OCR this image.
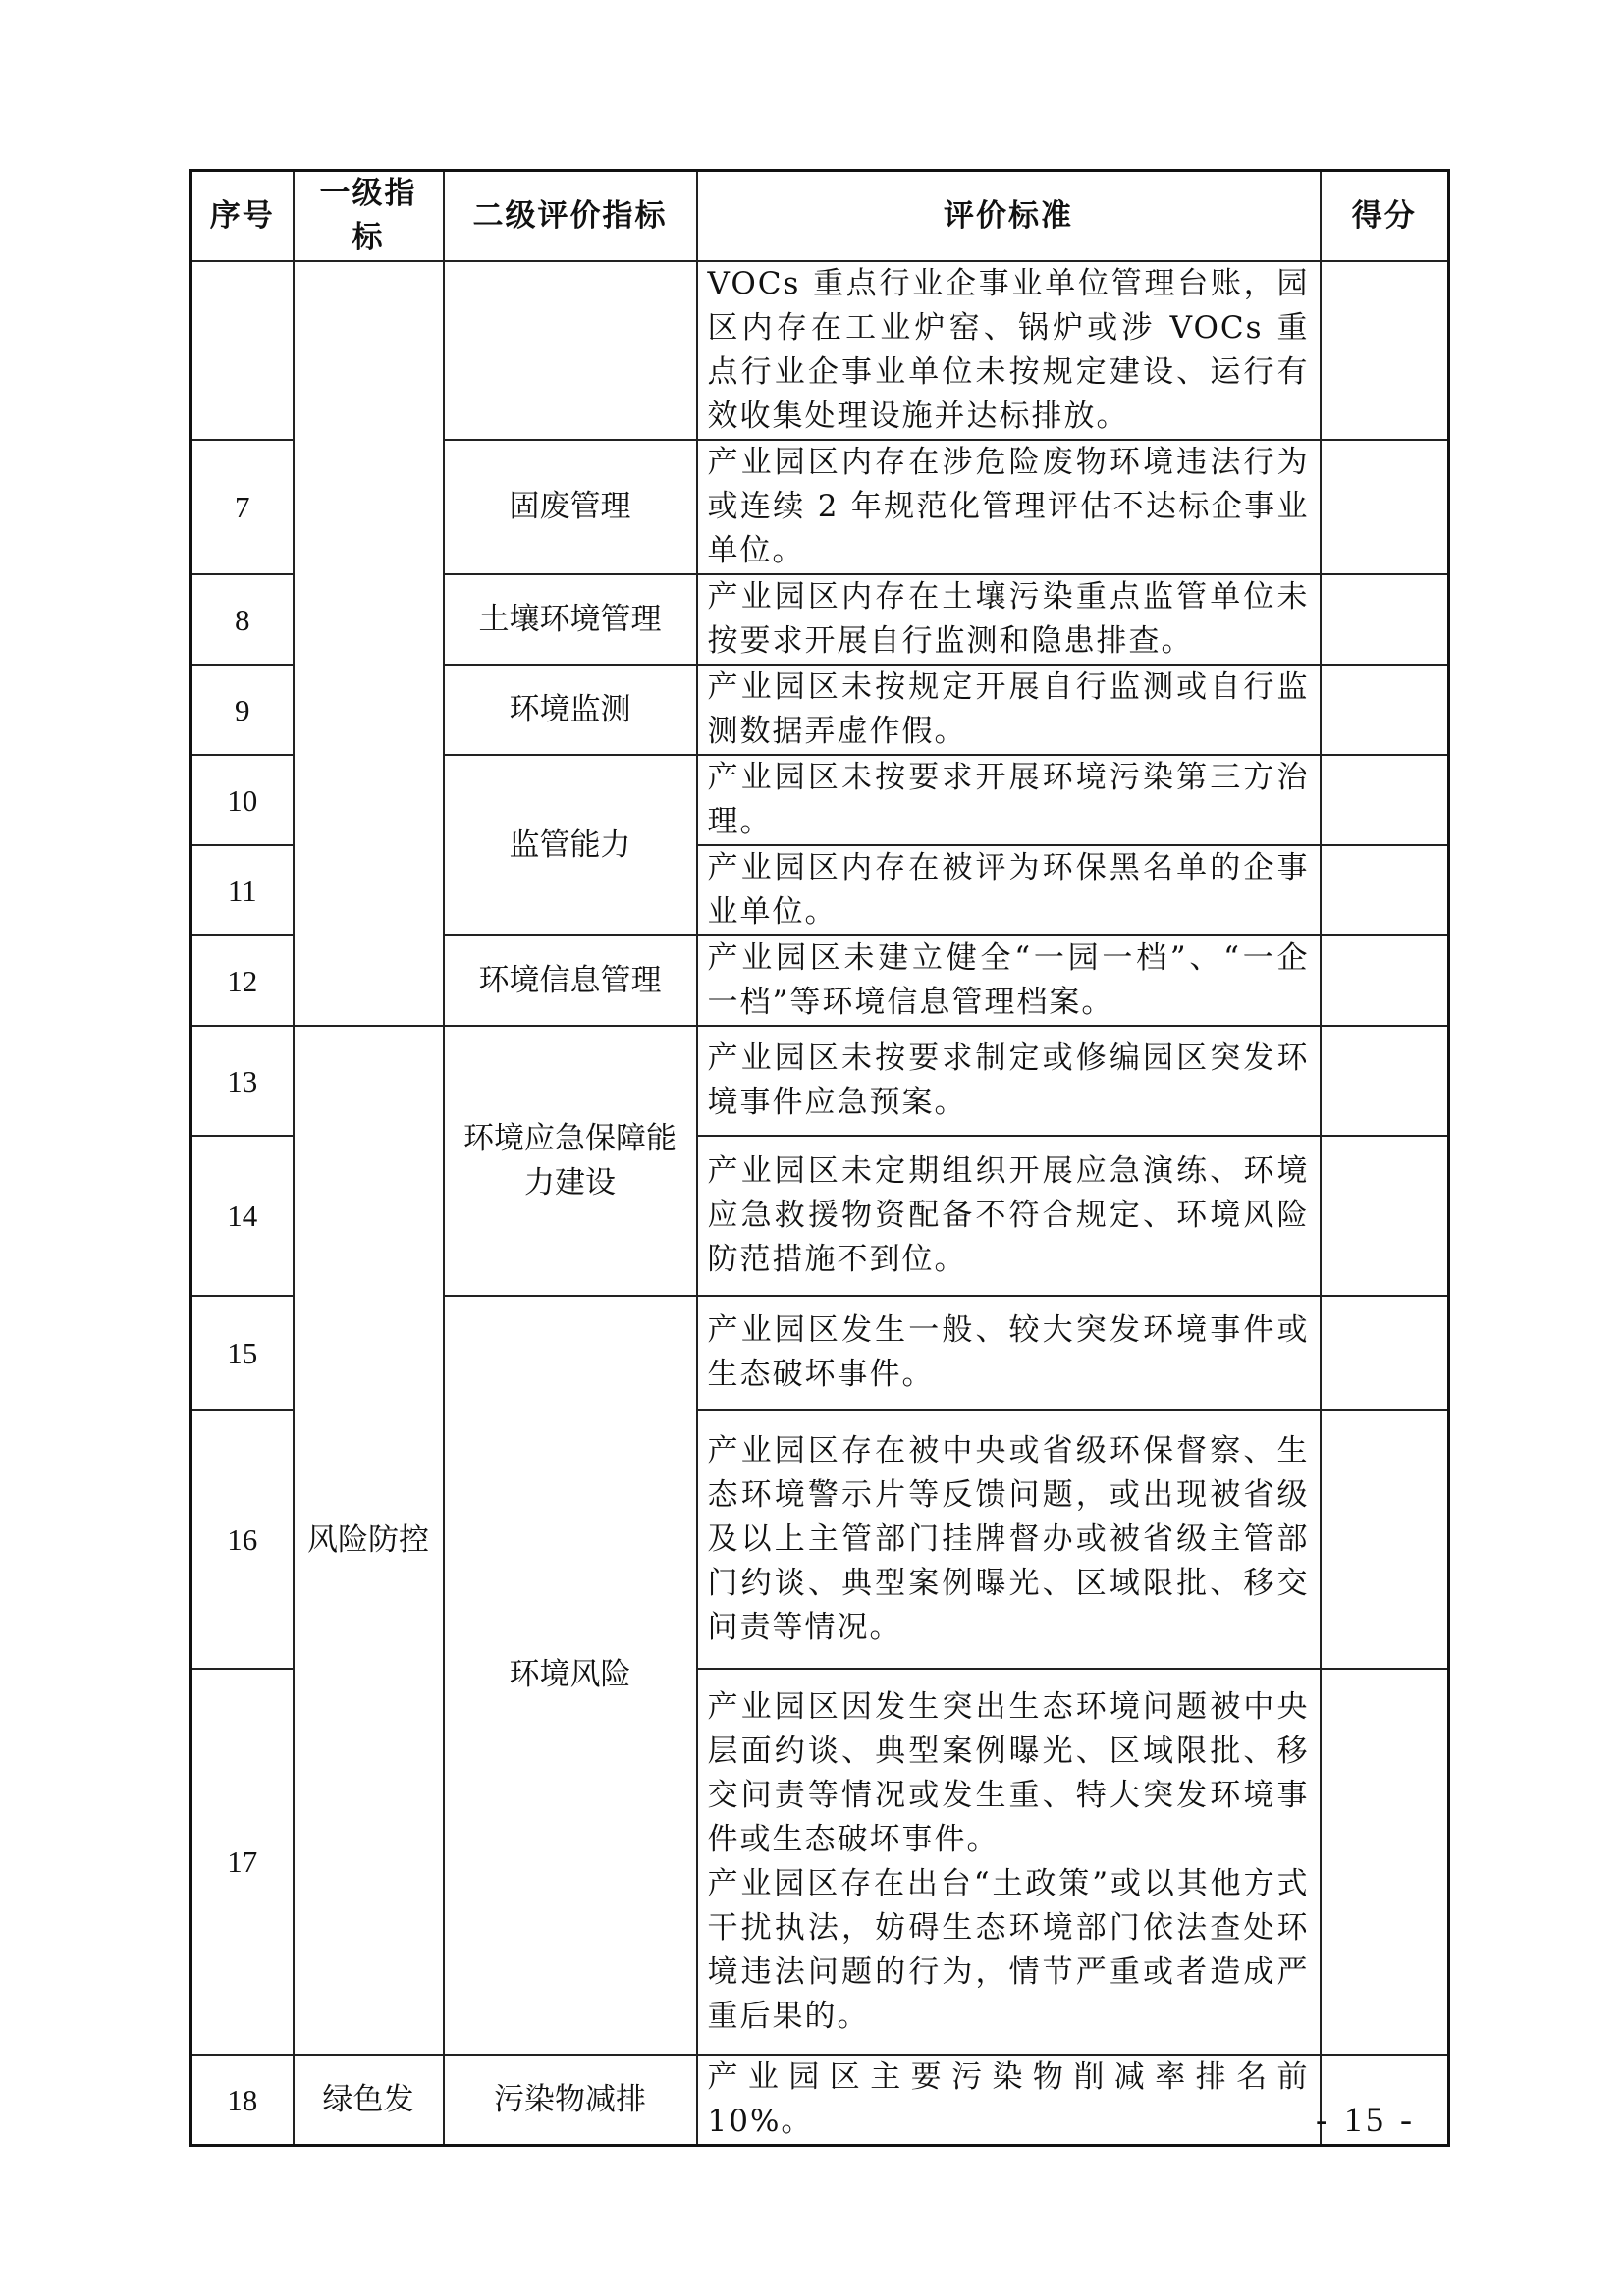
序号	一级指标	二级评价指标	评价标准	得分
			VOCs 重点行业企事业单位管理台账，园区内存在工业炉窑、锅炉或涉 VOCs 重点行业企事业单位未按规定建设、运行有效收集处理设施并达标排放。	
7		固废管理	产业园区内存在涉危险废物环境违法行为或连续 2 年规范化管理评估不达标企事业单位。	
8		土壤环境管理	产业园区内存在土壤污染重点监管单位未按要求开展自行监测和隐患排查。	
9		环境监测	产业园区未按规定开展自行监测或自行监测数据弄虚作假。	
10		监管能力	产业园区未按要求开展环境污染第三方治理。	
11			产业园区内存在被评为环保黑名单的企事业单位。	
12		环境信息管理	产业园区未建立健全“一园一档”、“一企一档”等环境信息管理档案。	
13	风险防控	环境应急保障能力建设	产业园区未按要求制定或修编园区突发环境事件应急预案。	
14			产业园区未定期组织开展应急演练、环境应急救援物资配备不符合规定、环境风险防范措施不到位。	
15		环境风险	产业园区发生一般、较大突发环境事件或生态破坏事件。	
16			产业园区存在被中央或省级环保督察、生态环境警示片等反馈问题，或出现被省级及以上主管部门挂牌督办或被省级主管部门约谈、典型案例曝光、区域限批、移交问责等情况。	
17			产业园区因发生突出生态环境问题被中央层面约谈、典型案例曝光、区域限批、移交问责等情况或发生重、特大突发环境事件或生态破坏事件。
产业园区存在出台“土政策”或以其他方式干扰执法，妨碍生态环境部门依法查处环境违法问题的行为，情节严重或者造成严重后果的。	
18	绿色发	污染物减排	产业园区主要污染物削减率排名前 10%。		- 15 -
